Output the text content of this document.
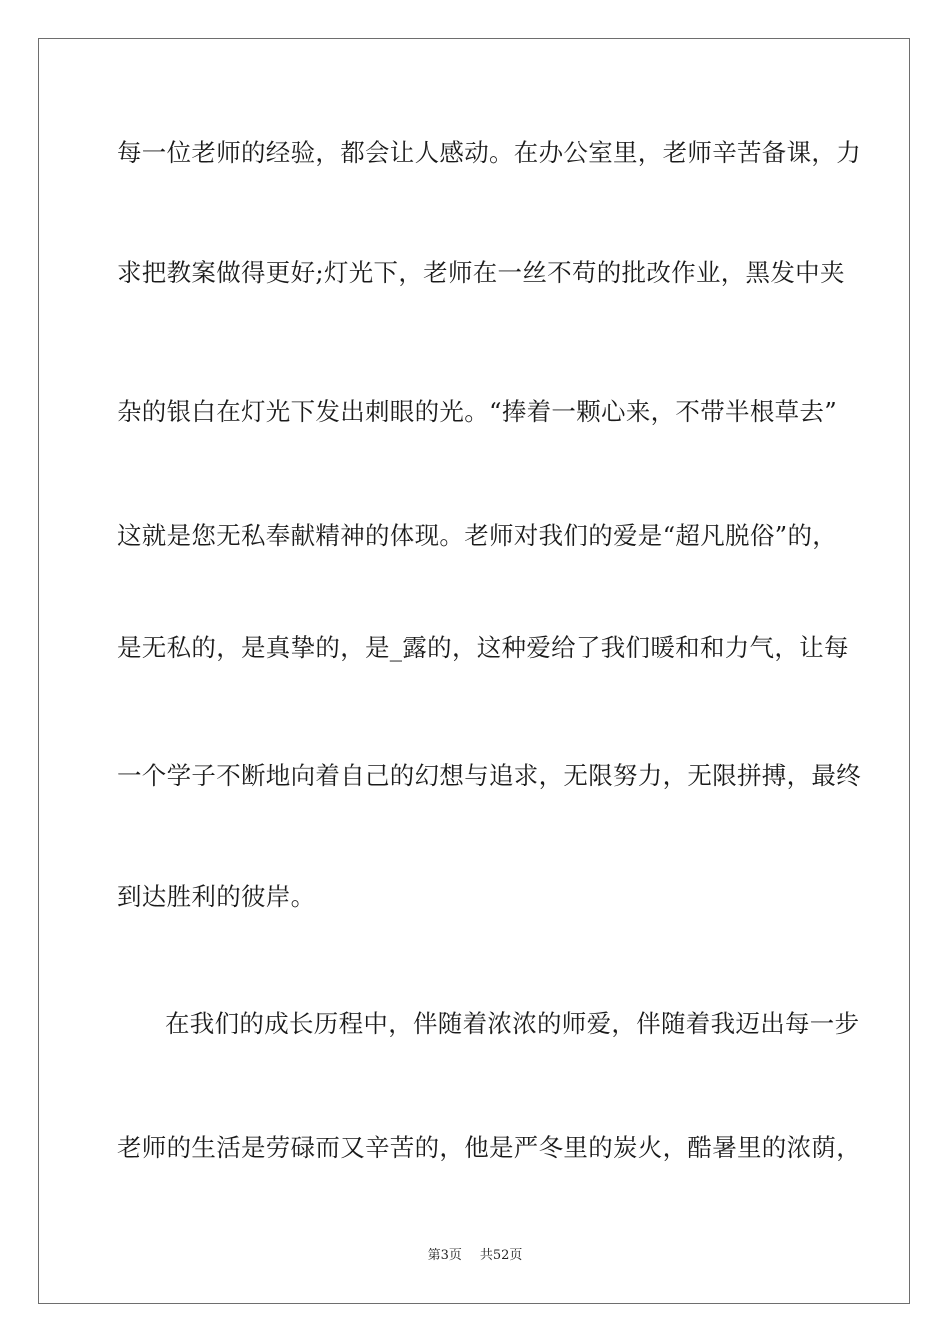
每一位老师的经验，都会让人感动。在办公室里，老师辛苦备课，力
求把教案做得更好;灯光下，老师在一丝不苟的批改作业，黑发中夹
杂的银白在灯光下发出刺眼的光。“捧着一颗心来，不带半根草去”
这就是您无私奉献精神的体现。老师对我们的爱是“超凡脱俗”的，
是无私的，是真挚的，是_露的，这种爱给了我们暖和和力气，让每
一个学子不断地向着自己的幻想与追求，无限努力，无限拼搏，最终
到达胜利的彼岸。
在我们的成长历程中，伴随着浓浓的师爱，伴随着我迈出每一步
老师的生活是劳碌而又辛苦的，他是严冬里的炭火，酷暑里的浓荫，
第3页 共52页
